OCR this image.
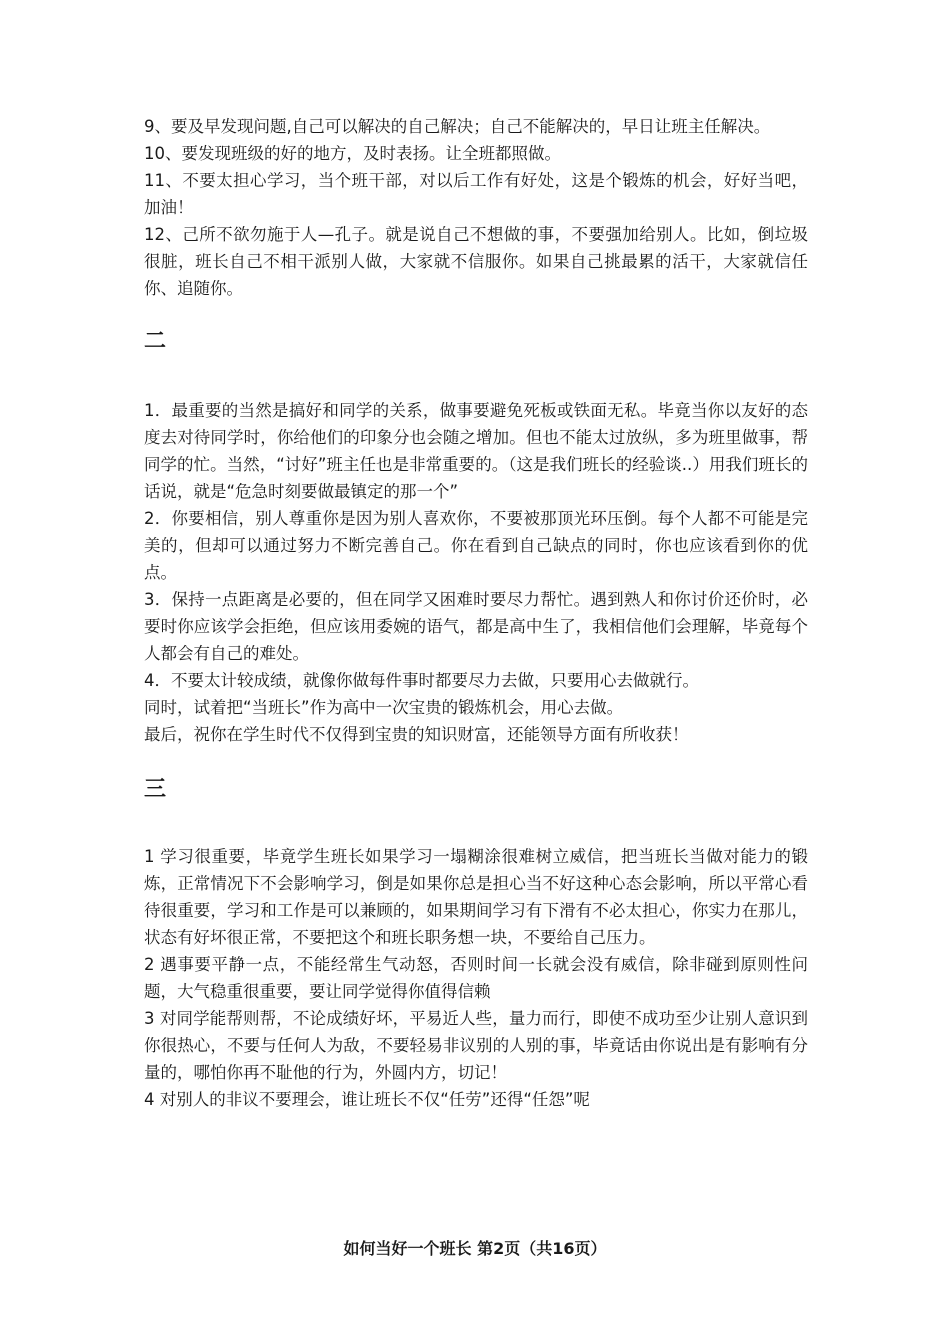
9、要及早发现问题,自己可以解决的自己解决；自己不能解决的，早日让班主任解决。

10、要发现班级的好的地方，及时表扬。让全班都照做。

11、不要太担心学习，当个班干部，对以后工作有好处，这是个锻炼的机会，好好当吧，加油！

12、己所不欲勿施于人—孔子。就是说自己不想做的事，不要强加给别人。比如，倒垃圾很脏，班长自己不相干派别人做，大家就不信服你。如果自己挑最累的活干，大家就信任你、追随你。

二

1．最重要的当然是搞好和同学的关系，做事要避免死板或铁面无私。毕竟当你以友好的态度去对待同学时，你给他们的印象分也会随之增加。但也不能太过放纵，多为班里做事，帮同学的忙。当然，“讨好”班主任也是非常重要的。（这是我们班长的经验谈..）用我们班长的话说，就是“危急时刻要做最镇定的那一个”

2．你要相信，别人尊重你是因为别人喜欢你，不要被那顶光环压倒。每个人都不可能是完美的，但却可以通过努力不断完善自己。你在看到自己缺点的同时，你也应该看到你的优点。

3．保持一点距离是必要的，但在同学又困难时要尽力帮忙。遇到熟人和你讨价还价时，必要时你应该学会拒绝，但应该用委婉的语气，都是高中生了，我相信他们会理解，毕竟每个人都会有自己的难处。

4．不要太计较成绩，就像你做每件事时都要尽力去做，只要用心去做就行。

同时，试着把“当班长”作为高中一次宝贵的锻炼机会，用心去做。

最后，祝你在学生时代不仅得到宝贵的知识财富，还能领导方面有所收获！

三

1 学习很重要，毕竟学生班长如果学习一塌糊涂很难树立威信，把当班长当做对能力的锻炼，正常情况下不会影响学习，倒是如果你总是担心当不好这种心态会影响，所以平常心看待很重要，学习和工作是可以兼顾的，如果期间学习有下滑有不必太担心，你实力在那儿，状态有好坏很正常，不要把这个和班长职务想一块，不要给自己压力。

2 遇事要平静一点，不能经常生气动怒，否则时间一长就会没有威信，除非碰到原则性问题，大气稳重很重要，要让同学觉得你值得信赖

3 对同学能帮则帮，不论成绩好坏，平易近人些，量力而行，即使不成功至少让别人意识到你很热心，不要与任何人为敌，不要轻易非议别的人别的事，毕竟话由你说出是有影响有分量的，哪怕你再不耻他的行为，外圆内方，切记！

4 对别人的非议不要理会，谁让班长不仅“任劳”还得“任怨”呢

如何当好一个班长 第2页（共16页）
